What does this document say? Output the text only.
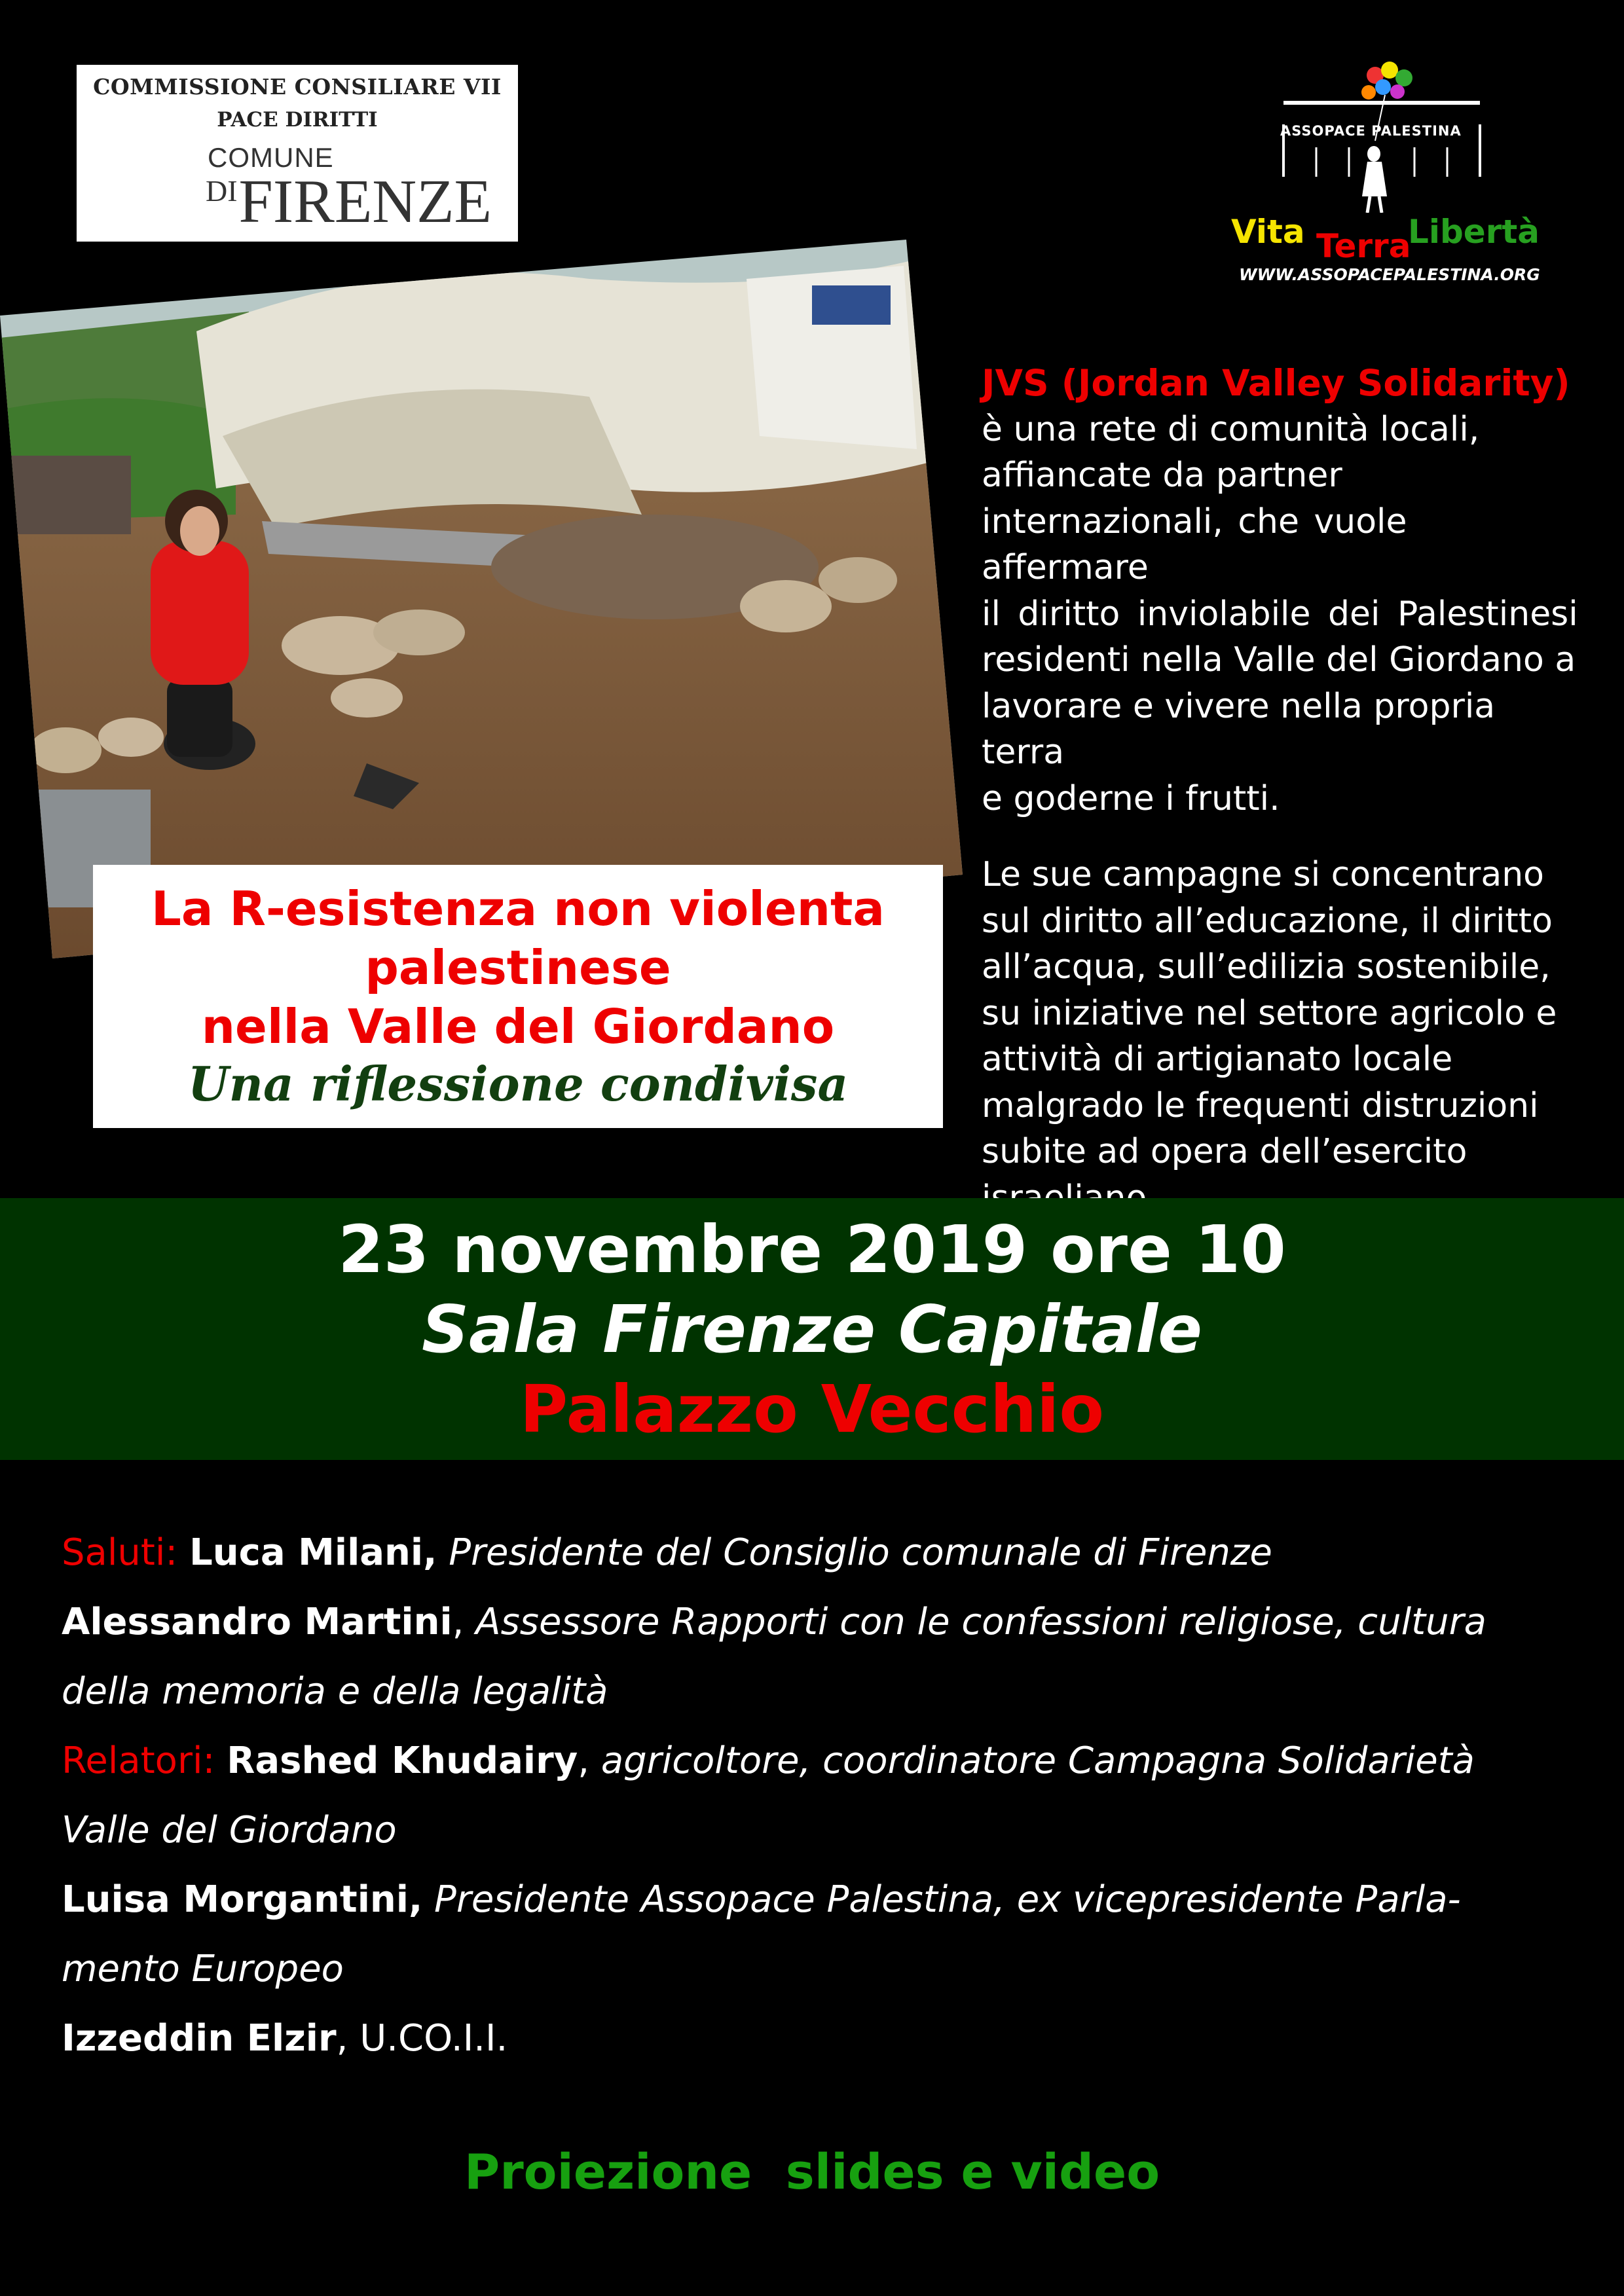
COMMISSIONE CONSILIARE VII
PACE DIRITTI
COMUNE
$^{DI}$FIRENZE
ASSOPACE PALESTINA
Vita Terra
Libertà
WWW.ASSOPACEPALESTINA.ORG
La R-esistenza non violenta
palestinese
nella Valle del Giordano
Una riflessione condivisa

JVS (Jordan Valley Solidarity)

è una rete di comunità locali,

affiancate da partner

internazionali, che vuole affermare

il diritto inviolabile dei Palestinesi

residenti nella Valle del Giordano a

lavorare e vivere nella propria terra

e goderne i frutti.

Le sue campagne si concentrano

sul diritto all’educazione, il diritto

all’acqua, sull’edilizia sostenibile,

su iniziative nel settore agricolo e

attività di artigianato locale

malgrado le frequenti distruzioni

subite ad opera dell’esercito

23 novembre 2019 ore 10
Sala Firenze Capitale
Palazzo Vecchio
Saluti: Luca Milani, Presidente del Consiglio comunale di Firenze
Alessandro Martini, Assessore Rapporti con le confessioni religiose, cultura
della memoria e della legalità
Relatori: Rashed Khudairy, agricoltore, coordinatore Campagna Solidarietà
Valle del Giordano
Luisa Morgantini, Presidente Assopace Palestina, ex vicepresidente Parla-
mento Europeo
Izzeddin Elzir, U.CO.I.I.
Proiezione  slides e video
